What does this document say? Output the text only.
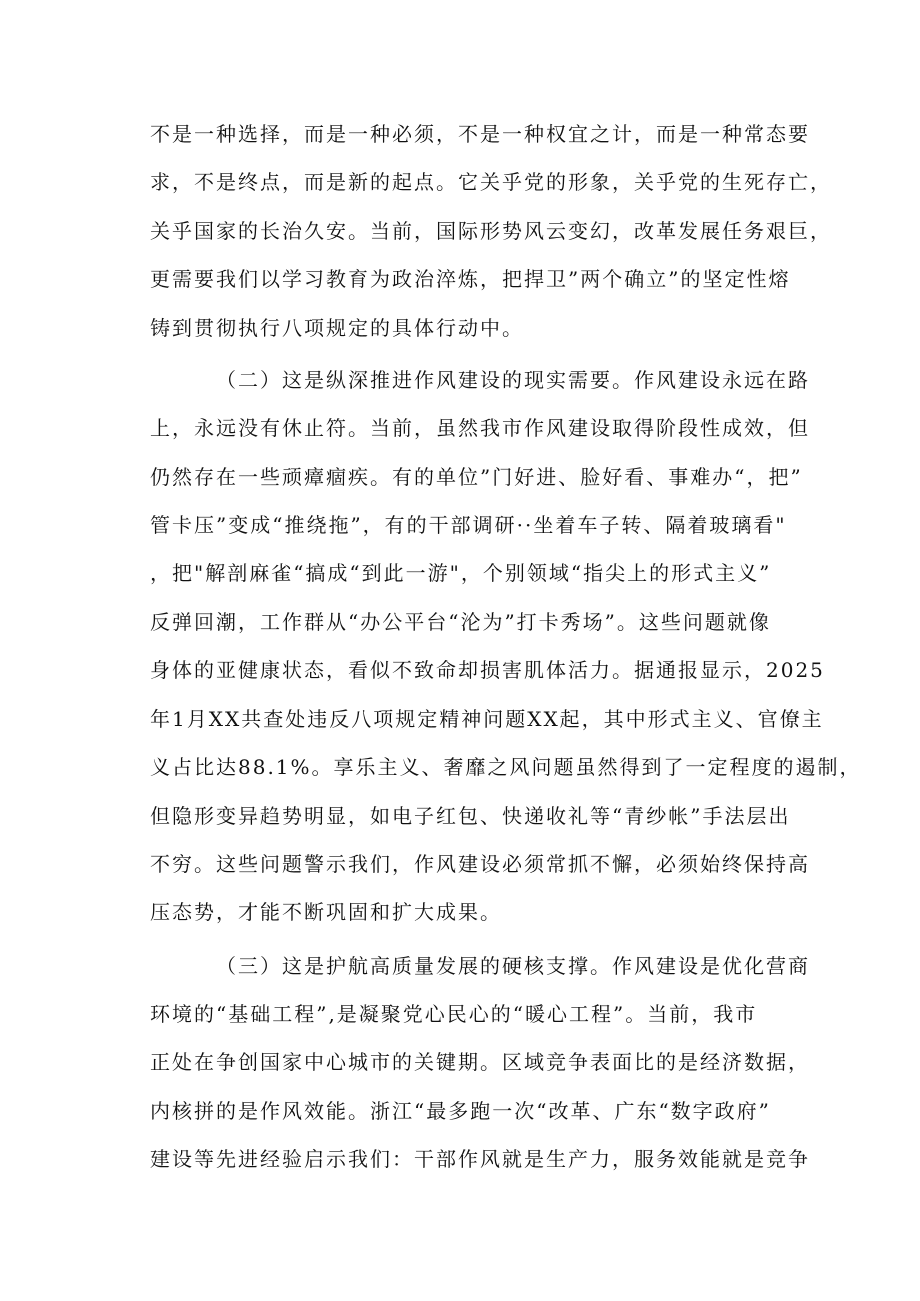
不是一种选择，而是一种必须，不是一种权宜之计，而是一种常态要
求，不是终点，而是新的起点。它关乎党的形象，关乎党的生死存亡，
关乎国家的长治久安。当前，国际形势风云变幻，改革发展任务艰巨，
更需要我们以学习教育为政治淬炼，把捍卫”两个确立”的坚定性熔
铸到贯彻执行八项规定的具体行动中。
（二）这是纵深推进作风建设的现实需要。作风建设永远在路
上，永远没有休止符。当前，虽然我市作风建设取得阶段性成效，但
仍然存在一些顽瘴痼疾。有的单位”门好进、脸好看、事难办“，把”
管卡压”变成“推绕拖”，有的干部调研··坐着车子转、隔着玻璃看"
，把"解剖麻雀“搞成“到此一游"，个别领域“指尖上的形式主义”
反弹回潮，工作群从“办公平台“沦为”打卡秀场”。这些问题就像
身体的亚健康状态，看似不致命却损害肌体活力。据通报显示，2025
年1月XX共查处违反八项规定精神问题XX起，其中形式主义、官僚主
义占比达88.1%。享乐主义、奢靡之风问题虽然得到了一定程度的遏制，
但隐形变异趋势明显，如电子红包、快递收礼等“青纱帐”手法层出
不穷。这些问题警示我们，作风建设必须常抓不懈，必须始终保持高
压态势，才能不断巩固和扩大成果。
（三）这是护航高质量发展的硬核支撑。作风建设是优化营商
环境的“基础工程”,是凝聚党心民心的“暖心工程”。当前，我市
正处在争创国家中心城市的关键期。区域竞争表面比的是经济数据，
内核拼的是作风效能。浙江“最多跑一次“改革、广东“数字政府”
建设等先进经验启示我们：干部作风就是生产力，服务效能就是竞争
